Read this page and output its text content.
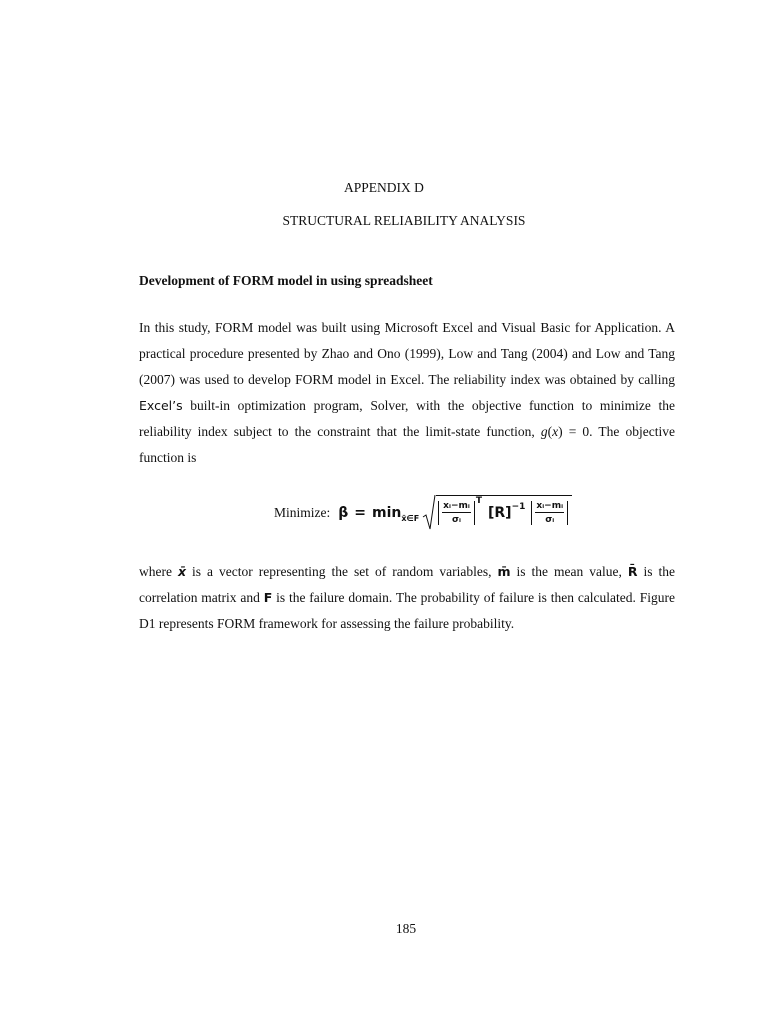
APPENDIX D
STRUCTURAL RELIABILITY ANALYSIS
Development of FORM model in using spreadsheet
In this study, FORM model was built using Microsoft Excel and Visual Basic for Application. A practical procedure presented by Zhao and Ono (1999), Low and Tang (2004) and Low and Tang (2007) was used to develop FORM model in Excel. The reliability index was obtained by calling Excel’s built-in optimization program, Solver, with the objective function to minimize the reliability index subject to the constraint that the limit-state function, g(x) = 0. The objective function is
Minimize: β = min x̄∈F	$\frac{\text{xᵢ−mᵢ}}{\text{σᵢ}}$ T
$[R] -1 \frac{\text{xᵢ−mᵢ}}{\text{σᵢ}}$
where x̄ is a vector representing the set of random variables, m̄ is the mean value, R̄ is the correlation matrix and F is the failure domain. The probability of failure is then calculated. Figure D1 represents FORM framework for assessing the failure probability.
185
